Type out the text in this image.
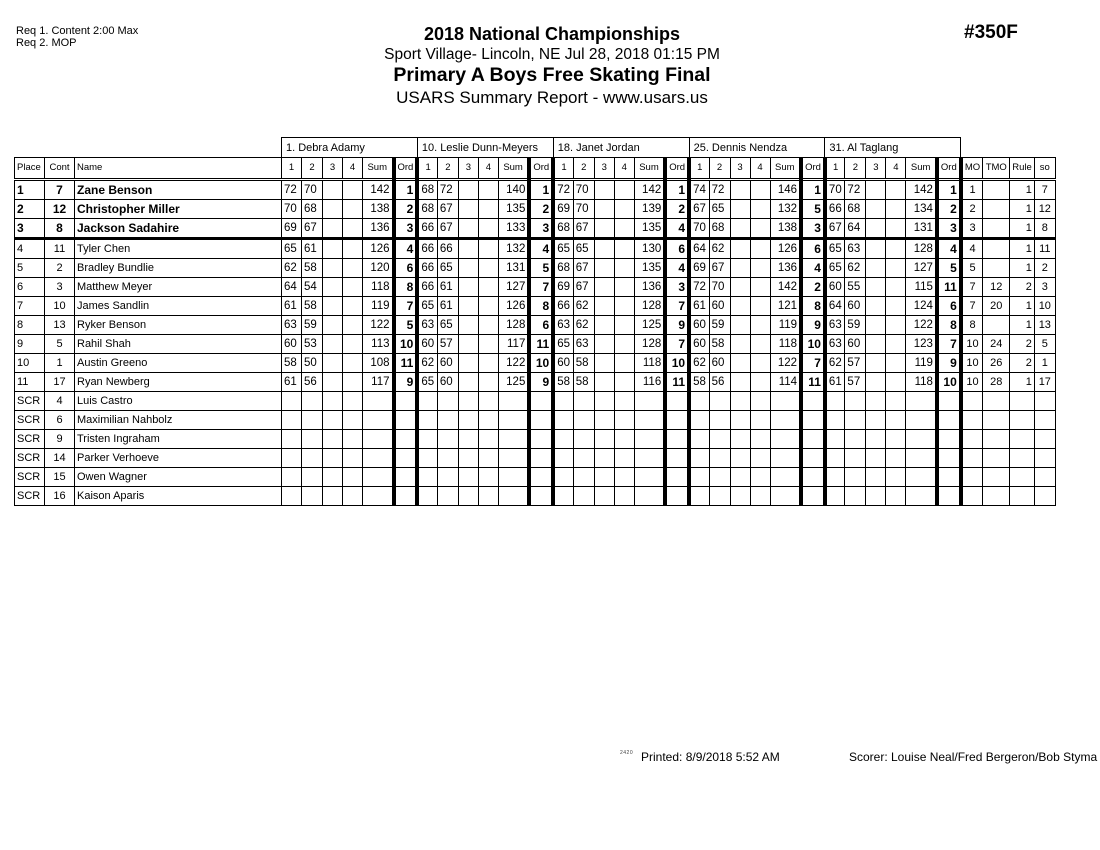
Req 1. Content 2:00 Max
Req 2. MOP	#350F
2018 National Championships
Sport Village- Lincoln, NE Jul 28, 2018 01:15 PM
Primary A Boys Free Skating Final
USARS Summary Report - www.usars.us
			1. Debra Adamy						10. Leslie Dunn-Meyers						18. Janet Jordan						25. Dennis Nendza						31. Al Taglang									
Place	Cont	Name	1	2	3	4	Sum	Ord	1	2	3	4	Sum	Ord	1	2	3	4	Sum	Ord	1	2	3	4	Sum	Ord	1	2	3	4	Sum	Ord	MO	TMO	Rule	so
1	7	Zane Benson	72	70			142	1	68	72			140	1	72	70			142	1	74	72			146	1	70	72			142	1	1		1	7
2	12	Christopher Miller	70	68			138	2	68	67			135	2	69	70			139	2	67	65			132	5	66	68			134	2	2		1	12
3	8	Jackson Sadahire	69	67			136	3	66	67			133	3	68	67			135	4	70	68			138	3	67	64			131	3	3		1	8
4	11	Tyler Chen	65	61			126	4	66	66			132	4	65	65			130	6	64	62			126	6	65	63			128	4	4		1	11
5	2	Bradley Bundlie	62	58			120	6	66	65			131	5	68	67			135	4	69	67			136	4	65	62			127	5	5		1	2
6	3	Matthew Meyer	64	54			118	8	66	61			127	7	69	67			136	3	72	70			142	2	60	55			115	11	7	12	2	3
7	10	James Sandlin	61	58			119	7	65	61			126	8	66	62			128	7	61	60			121	8	64	60			124	6	7	20	1	10
8	13	Ryker Benson	63	59			122	5	63	65			128	6	63	62			125	9	60	59			119	9	63	59			122	8	8		1	13
9	5	Rahil Shah	60	53			113	10	60	57			117	11	65	63			128	7	60	58			118	10	63	60			123	7	10	24	2	5
10	1	Austin Greeno	58	50			108	11	62	60			122	10	60	58			118	10	62	60			122	7	62	57			119	9	10	26	2	1
11	17	Ryan Newberg	61	56			117	9	65	60			125	9	58	58			116	11	58	56			114	11	61	57			118	10	10	28	1	17
SCR	4	Luis Castro																																		
SCR	6	Maximilian Nahbolz																																		
SCR	9	Tristen Ingraham																																		
SCR	14	Parker Verhoeve																																		
SCR	15	Owen Wagner																																		
SCR	16	Kaison Aparis																																		
2420 Printed: 8/9/2018 5:52 AM	Scorer: Louise Neal/Fred Bergeron/Bob Styma
